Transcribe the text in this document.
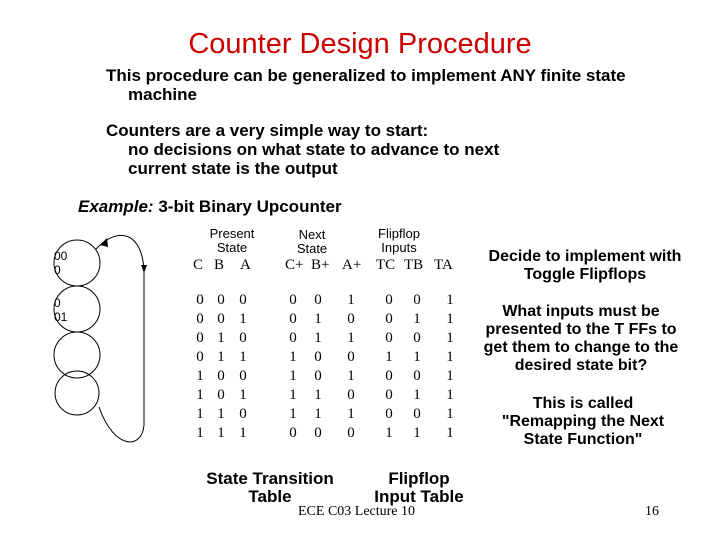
Counter Design Procedure
This procedure can be generalized to implement ANY finite state
machine
Counters are a very simple way to start:
no decisions on what state to advance to next
current state is the output
Example: 3-bit Binary Upcounter
00
0
0
01
Present
State
Next
State
Flipflop
Inputs
C B A C+ B+ A+ TC TB TA
0 0 0	0 0 1 0 0 1
0 0 1	0 1 0 0 1 1
0 1 0	0 1 1 0 0 1
0 1 1	1 0 0 1 1 1
1 0 0	1 0 1 0 0 1
1 0 1	1 1 0 0 1 1
1 1 0	1 1 1 0 0 1
1 1 1	0 0 0 1 1 1
Decide to implement with Toggle Flipflops
What inputs must be presented to the T FFs to get them to change to the desired state bit?
This is called "Remapping the Next State Function"
State Transition
Table
Flipflop
Input Table
ECE C03 Lecture 10	16
